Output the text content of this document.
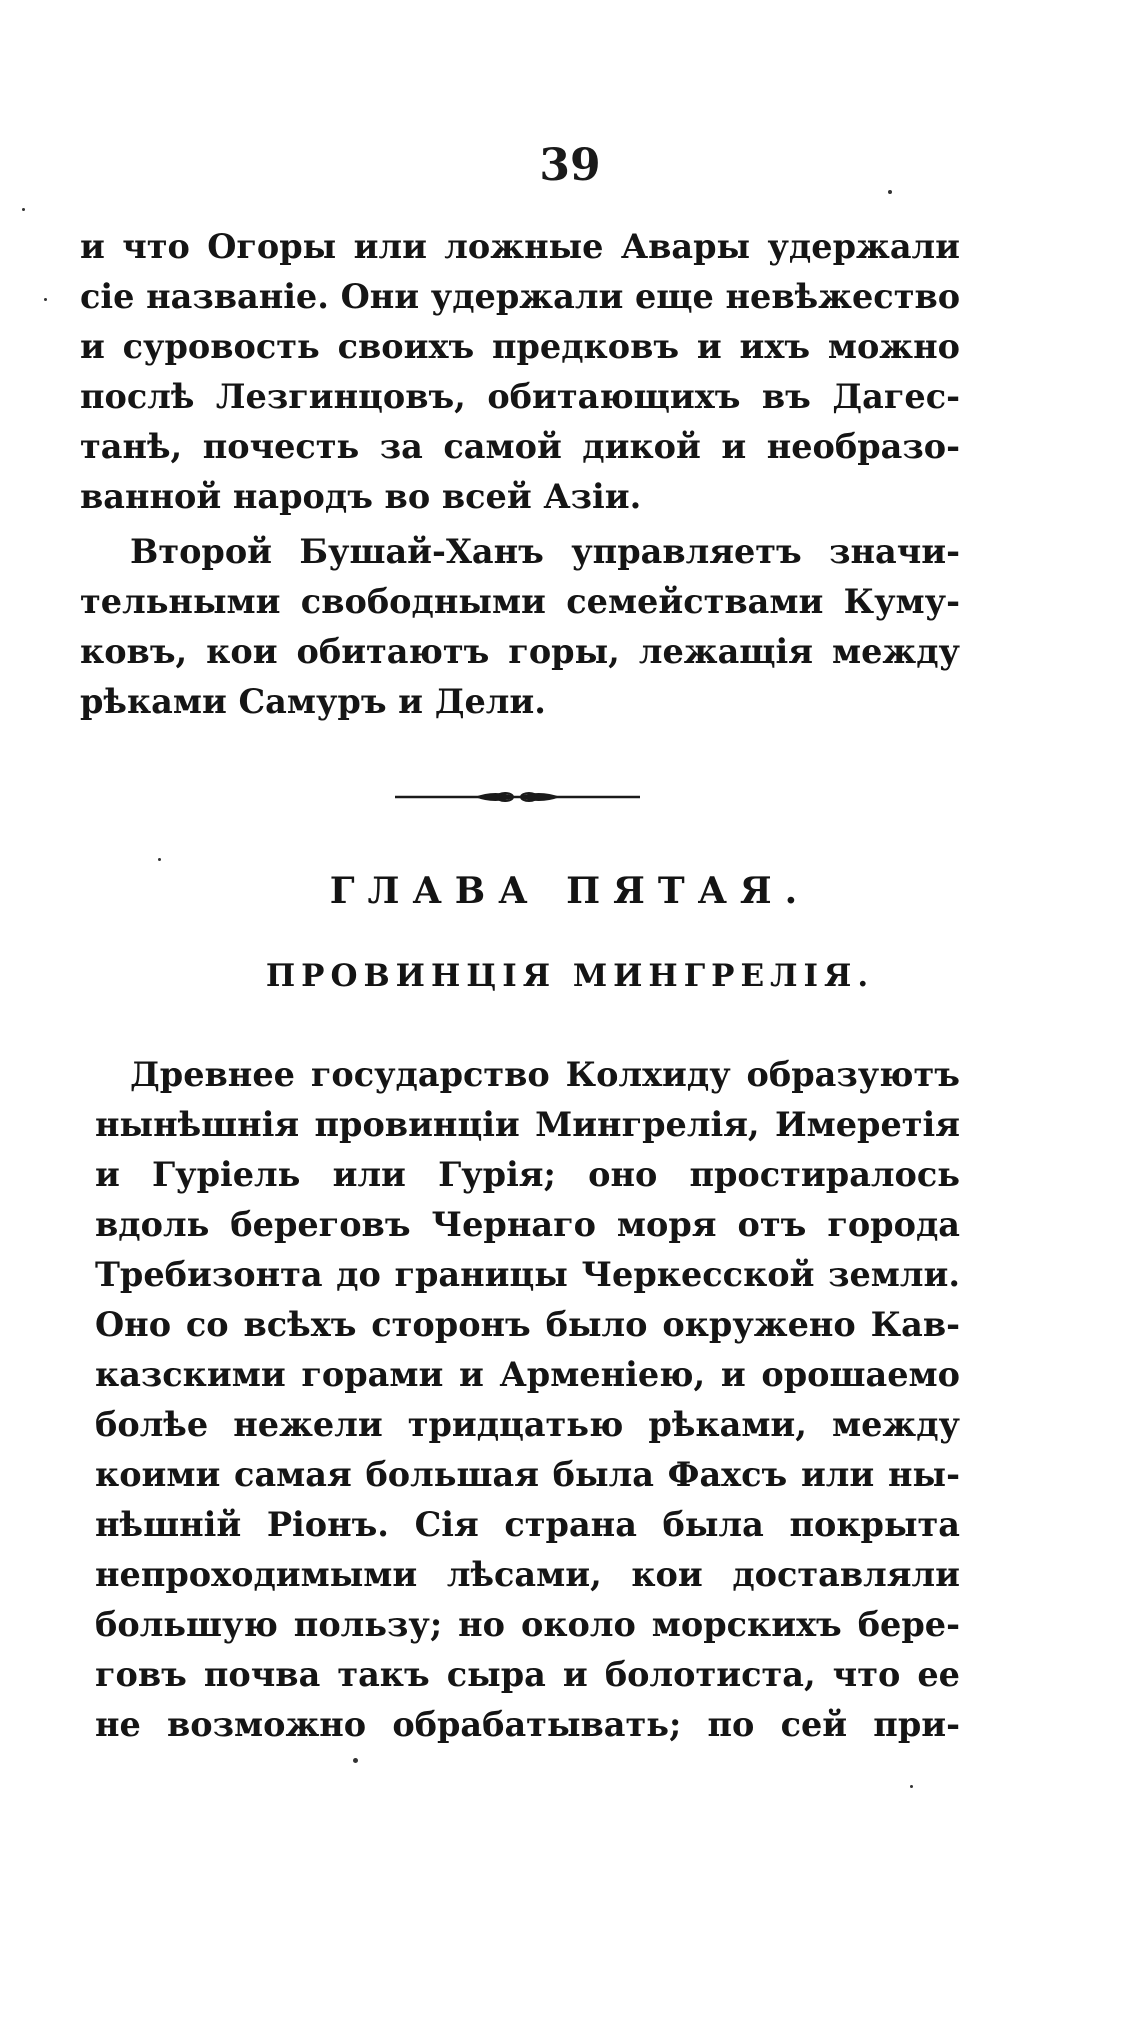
39
и что Огоры или ложные Авары удержали
сіе названіе. Они удержали еще невѣжество
и суровость своихъ предковъ и ихъ можно
послѣ Лезгинцовъ, обитающихъ въ Дагес-
танѣ, почесть за самой дикой и необразо-
ванной народъ во всей Азіи.
Второй Бушай-Ханъ управляетъ значи-
тельными свободными семействами Куму-
ковъ, кои обитаютъ горы, лежащія между
рѣками Самуръ и Дели.
ГЛАВА ПЯТАЯ.
ПРОВИНЦІЯ МИНГРЕЛІЯ.
Древнее государство Колхиду образуютъ
нынѣшнія провинціи Мингрелія, Имеретія
и Гуріель или Гурія; оно простиралось
вдоль береговъ Чернаго моря отъ города
Требизонта до границы Черкесской земли.
Оно со всѣхъ сторонъ было окружено Кав-
казскими горами и Арменіею, и орошаемо
болѣе нежели тридцатью рѣками, между
коими самая большая была Фахсъ или ны-
нѣшній Ріонъ. Сія страна была покрыта
непроходимыми лѣсами, кои доставляли
большую пользу; но около морскихъ бере-
говъ почва такъ сыра и болотиста, что ее
не возможно обрабатывать; по сей при-
